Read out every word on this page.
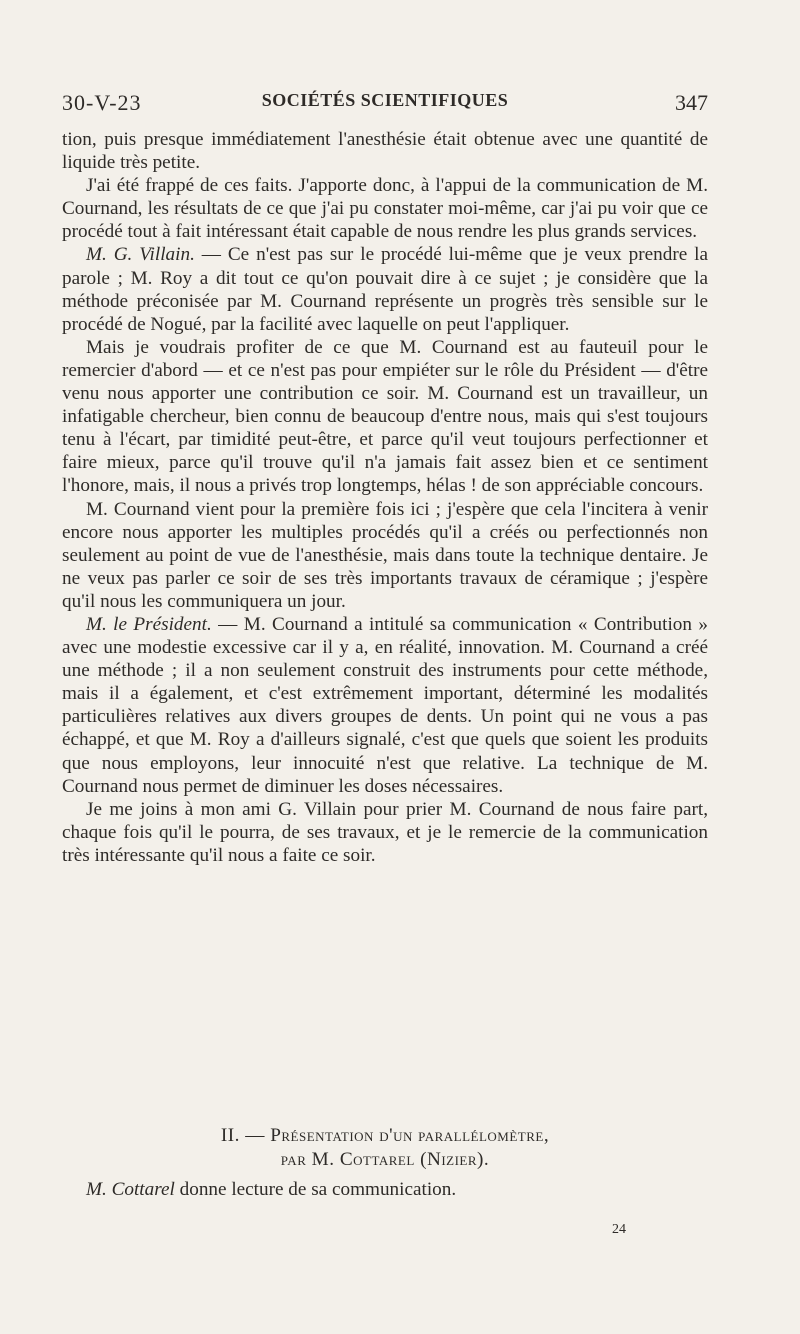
30-V-23	SOCIÉTÉS SCIENTIFIQUES	347

tion, puis presque immédiatement l'anesthésie était obtenue avec une quantité de liquide très petite.

J'ai été frappé de ces faits. J'apporte donc, à l'appui de la communication de M. Cournand, les résultats de ce que j'ai pu constater moi-même, car j'ai pu voir que ce procédé tout à fait intéressant était capable de nous rendre les plus grands services.

M. G. Villain. — Ce n'est pas sur le procédé lui-même que je veux prendre la parole ; M. Roy a dit tout ce qu'on pouvait dire à ce sujet ; je considère que la méthode préconisée par M. Cournand représente un progrès très sensible sur le procédé de Nogué, par la facilité avec laquelle on peut l'appliquer.

Mais je voudrais profiter de ce que M. Cournand est au fauteuil pour le remercier d'abord — et ce n'est pas pour empiéter sur le rôle du Président — d'être venu nous apporter une contribution ce soir. M. Cournand est un travailleur, un infatigable chercheur, bien connu de beaucoup d'entre nous, mais qui s'est toujours tenu à l'écart, par timidité peut-être, et parce qu'il veut toujours perfectionner et faire mieux, parce qu'il trouve qu'il n'a jamais fait assez bien et ce sentiment l'honore, mais, il nous a privés trop longtemps, hélas ! de son appréciable concours.

M. Cournand vient pour la première fois ici ; j'espère que cela l'incitera à venir encore nous apporter les multiples procédés qu'il a créés ou perfectionnés non seulement au point de vue de l'anesthésie, mais dans toute la technique dentaire. Je ne veux pas parler ce soir de ses très importants travaux de céramique ; j'espère qu'il nous les communiquera un jour.

M. le Président. — M. Cournand a intitulé sa communication « Contribution » avec une modestie excessive car il y a, en réalité, innovation. M. Cournand a créé une méthode ; il a non seulement construit des instruments pour cette méthode, mais il a également, et c'est extrêmement important, déterminé les modalités particulières relatives aux divers groupes de dents. Un point qui ne vous a pas échappé, et que M. Roy a d'ailleurs signalé, c'est que quels que soient les produits que nous employons, leur innocuité n'est que relative. La technique de M. Cournand nous permet de diminuer les doses nécessaires.

Je me joins à mon ami G. Villain pour prier M. Cournand de nous faire part, chaque fois qu'il le pourra, de ses travaux, et je le remercie de la communication très intéressante qu'il nous a faite ce soir.

II. — Présentation d'un parallélomètre,
par M. Cottarel (Nizier).
M. Cottarel donne lecture de sa communication.
24
